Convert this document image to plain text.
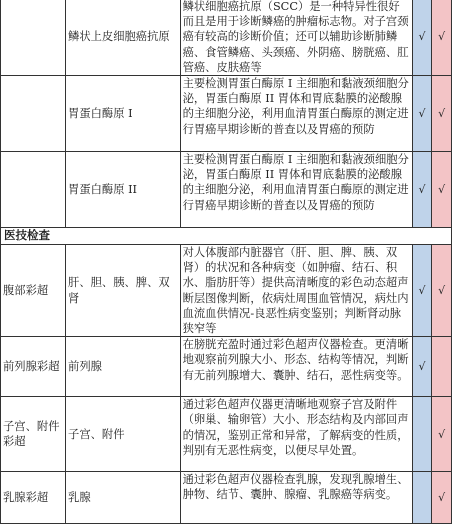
	鳞状上皮细胞癌抗原	鳞状细胞癌抗原（SCC）是一种特异性很好而且是用于诊断鳞癌的肿瘤标志物。对子宫颈癌有较高的诊断价值；还可以辅助诊断肺鳞癌、食管鳞癌、头颈癌、外阴癌、膀胱癌、肛管癌、皮肤癌等	√	√
	胃蛋白酶原 I	主要检测胃蛋白酶原 I 主细胞和黏液颈细胞分泌，胃蛋白酶原 II 胃体和胃底黏膜的泌酸腺的主细胞分泌，利用血清胃蛋白酶原的测定进行胃癌早期诊断的普查以及胃癌的预防	√	√
	胃蛋白酶原 II	主要检测胃蛋白酶原 I 主细胞和黏液颈细胞分泌，胃蛋白酶原 II 胃体和胃底黏膜的泌酸腺的主细胞分泌，利用血清胃蛋白酶原的测定进行胃癌早期诊断的普查以及胃癌的预防	√	√
医技检查				
腹部彩超	肝、胆、胰、脾、双肾	对人体腹部内脏器官（肝、胆、脾、胰、双肾）的状况和各种病变（如肿瘤、结石、积水、脂肪肝等）提供高清晰度的彩色动态超声断层图像判断，依病灶周围血管情况，病灶内血流血供情况-良恶性病变鉴别；判断肾动脉狭窄等	√	√
前列腺彩超	前列腺	在膀胱充盈时通过彩色超声仪器检查。更清晰地观察前列腺大小、形态、结构等情况，判断有无前列腺增大、囊肿、结石，恶性病变等。	√	
子宫、附件彩超	子宫、附件	通过彩色超声仪器更清晰地观察子宫及附件（卵巢、输卵管）大小、形态结构及内部回声的情况，鉴别正常和异常，了解病变的性质，判别有无恶性病变，以便尽早处置。		√
乳腺彩超	乳腺	通过彩色超声仪器检查乳腺，发现乳腺增生、肿物、结节、囊肿、腺瘤、乳腺癌等病变。		√
